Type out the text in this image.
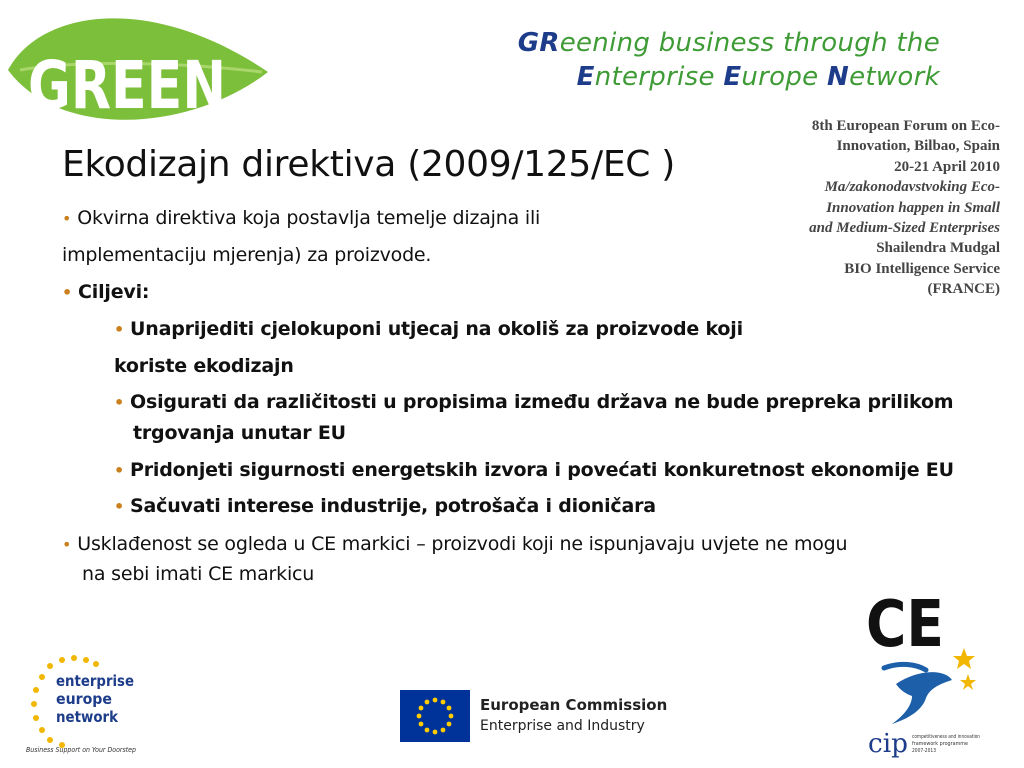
GREEN
GReening business through the
Enterprise Europe Network
8th European Forum on Eco-Innovation, Bilbao, Spain
20-21 April 2010
Ma/zakonodavstvoking Eco-Innovation happen in Small and Medium-Sized Enterprises
Shailendra Mudgal
BIO Intelligence Service (FRANCE)
Ekodizajn direktiva (2009/125/EC )
• Okvirna direktiva koja postavlja temelje dizajna ili
implementaciju mjerenja) za proizvode.
• Ciljevi:
• Unaprijediti cjelokuponi utjecaj na okoliš za proizvode koji
koriste ekodizajn
• Osigurati da različitosti u propisima između država ne bude prepreka prilikom
trgovanja unutar EU
• Pridonjeti sigurnosti energetskih izvora i povećati konkuretnost ekonomije EU
• Sačuvati interese industrije, potrošača i dioničara
• Usklađenost se ogleda u CE markici – proizvodi koji ne ispunjavaju uvjete ne mogu
na sebi imati CE markicu
enterprise
europe
network
Business Support on Your Doorstep
European Commission
Enterprise and Industry
CE
cip competitiveness and innovation
framework programme
2007-2013
